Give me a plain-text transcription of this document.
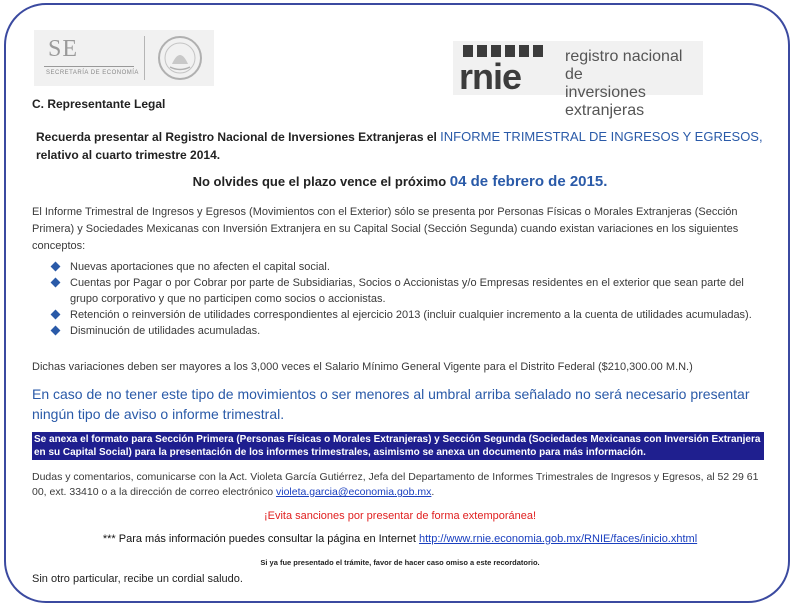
SE
SECRETARÍA DE ECONOMÍA	rnie	registro nacional de
inversiones extranjeras

C. Representante Legal

Recuerda presentar al Registro Nacional de Inversiones Extranjeras el INFORME TRIMESTRAL DE INGRESOS Y EGRESOS, relativo al cuarto trimestre 2014.

No olvides que el plazo vence el próximo 04 de febrero de 2015.

El Informe Trimestral de Ingresos y Egresos (Movimientos con el Exterior) sólo se presenta por Personas Físicas o Morales Extranjeras (Sección Primera) y Sociedades Mexicanas con Inversión Extranjera en su Capital Social (Sección Segunda) cuando existan variaciones en los siguientes conceptos:

Nuevas aportaciones que no afecten el capital social.
Cuentas por Pagar o por Cobrar por parte de Subsidiarias, Socios o Accionistas y/o Empresas residentes en el exterior que sean parte del grupo corporativo y que no participen como socios o accionistas.
Retención o reinversión de utilidades correspondientes al ejercicio 2013 (incluir cualquier incremento a la cuenta de utilidades acumuladas).
Disminución de utilidades acumuladas.

Dichas variaciones deben ser mayores a los 3,000 veces el Salario Mínimo General Vigente para el Distrito Federal ($210,300.00 M.N.)

En caso de no tener este tipo de movimientos o ser menores al umbral arriba señalado no será necesario presentar ningún tipo de aviso o informe trimestral.

Se anexa el formato para Sección Primera (Personas Físicas o Morales Extranjeras) y Sección Segunda (Sociedades Mexicanas con Inversión Extranjera en su Capital Social) para la presentación de los informes trimestrales, asimismo se anexa un documento para más información.

Dudas y comentarios, comunicarse con la Act. Violeta García Gutiérrez, Jefa del Departamento de Informes Trimestrales de Ingresos y Egresos, al 52 29 61 00, ext. 33410 o a la dirección de correo electrónico violeta.garcia@economia.gob.mx.

¡Evita sanciones por presentar de forma extemporánea!

*** Para más información puedes consultar la página en Internet http://www.rnie.economia.gob.mx/RNIE/faces/inicio.xhtml

Si ya fue presentado el trámite, favor de hacer caso omiso a este recordatorio.

Sin otro particular, recibe un cordial saludo.
